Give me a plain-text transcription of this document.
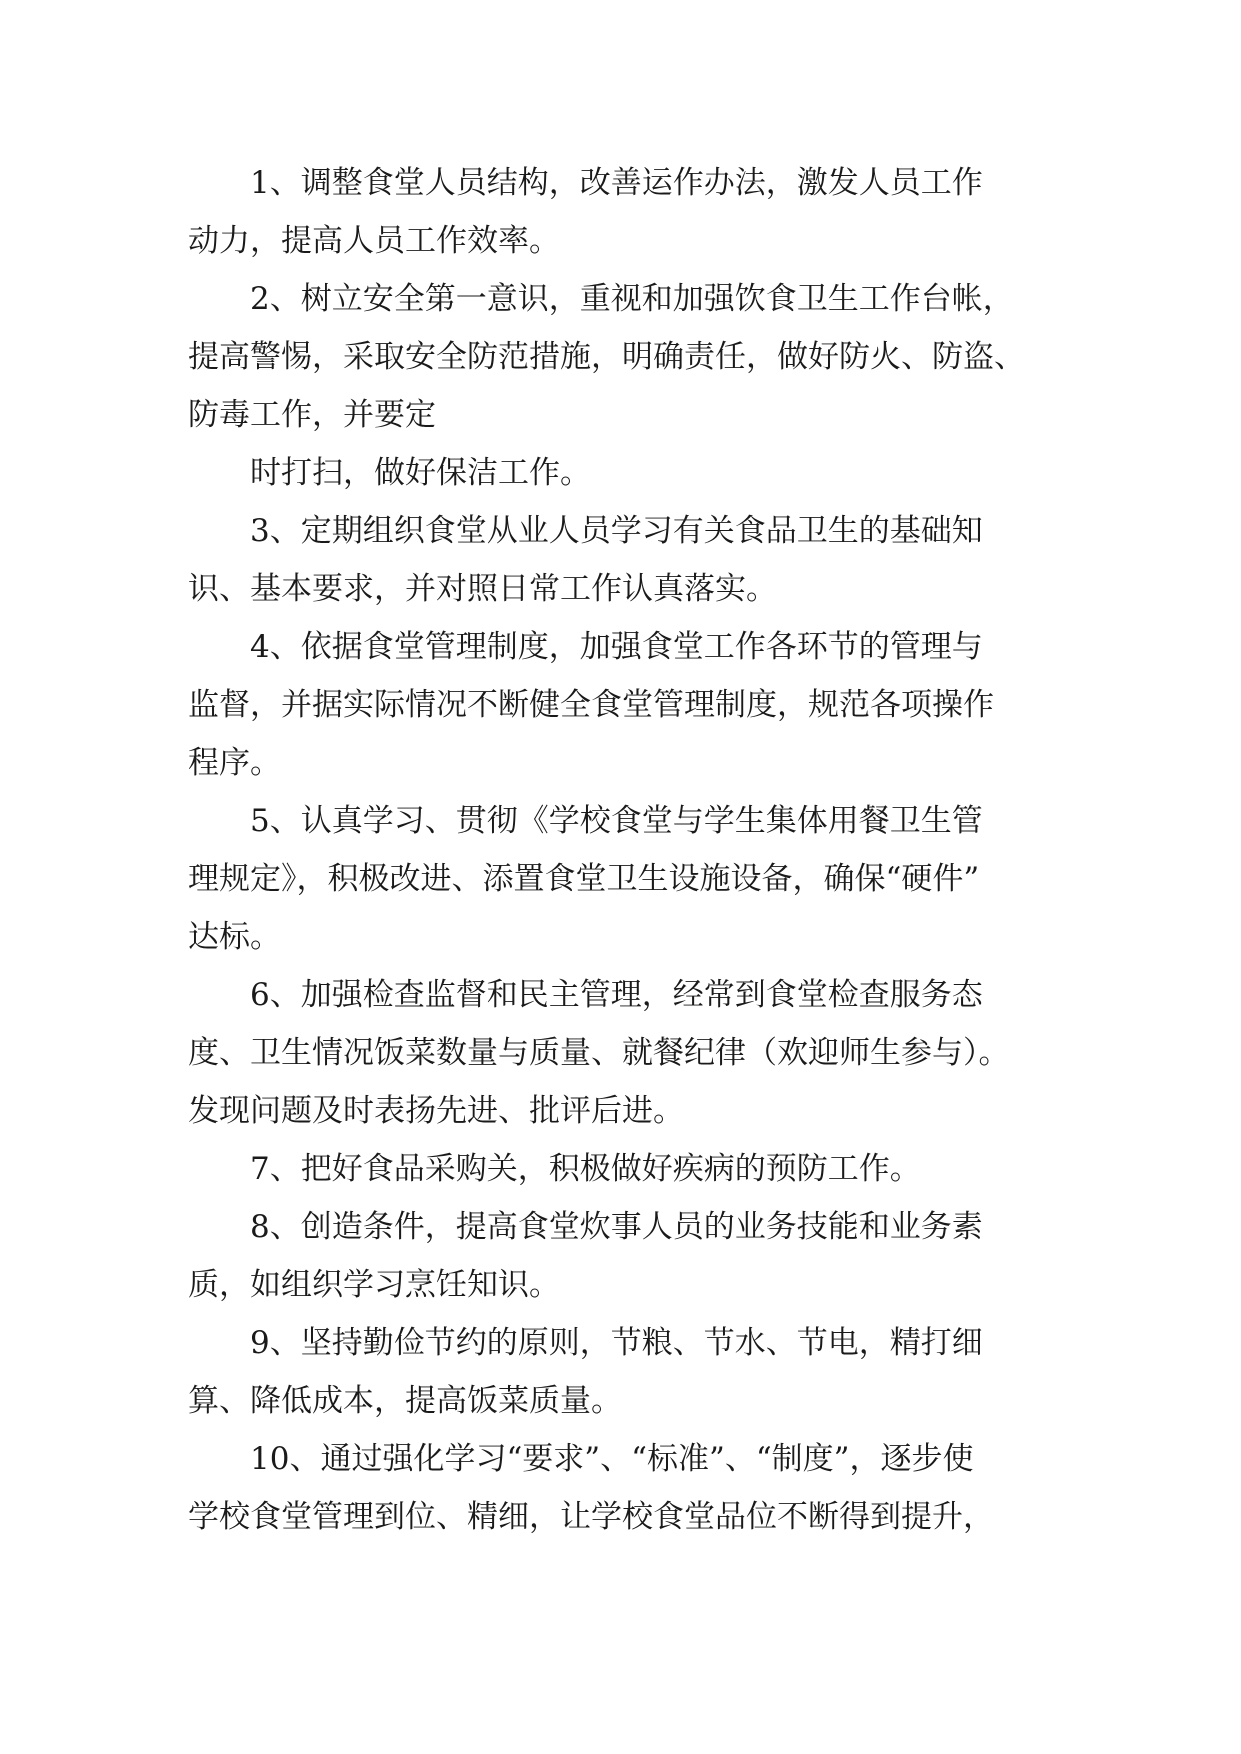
1、调整食堂人员结构，改善运作办法，激发人员工作

动力，提高人员工作效率。

2、树立安全第一意识，重视和加强饮食卫生工作台帐，

提高警惕，采取安全防范措施，明确责任，做好防火、防盗、

防毒工作，并要定

时打扫，做好保洁工作。

3、定期组织食堂从业人员学习有关食品卫生的基础知

识、基本要求，并对照日常工作认真落实。

4、依据食堂管理制度，加强食堂工作各环节的管理与

监督，并据实际情况不断健全食堂管理制度，规范各项操作

程序。

5、认真学习、贯彻《学校食堂与学生集体用餐卫生管

理规定》，积极改进、添置食堂卫生设施设备，确保“硬件”

达标。

6、加强检查监督和民主管理，经常到食堂检查服务态

度、卫生情况饭菜数量与质量、就餐纪律（欢迎师生参与）。

发现问题及时表扬先进、批评后进。

7、把好食品采购关，积极做好疾病的预防工作。

8、创造条件，提高食堂炊事人员的业务技能和业务素

质，如组织学习烹饪知识。

9、坚持勤俭节约的原则，节粮、节水、节电，精打细

算、降低成本，提高饭菜质量。

10、通过强化学习“要求”、“标准”、“制度”，逐步使

学校食堂管理到位、精细，让学校食堂品位不断得到提升，
